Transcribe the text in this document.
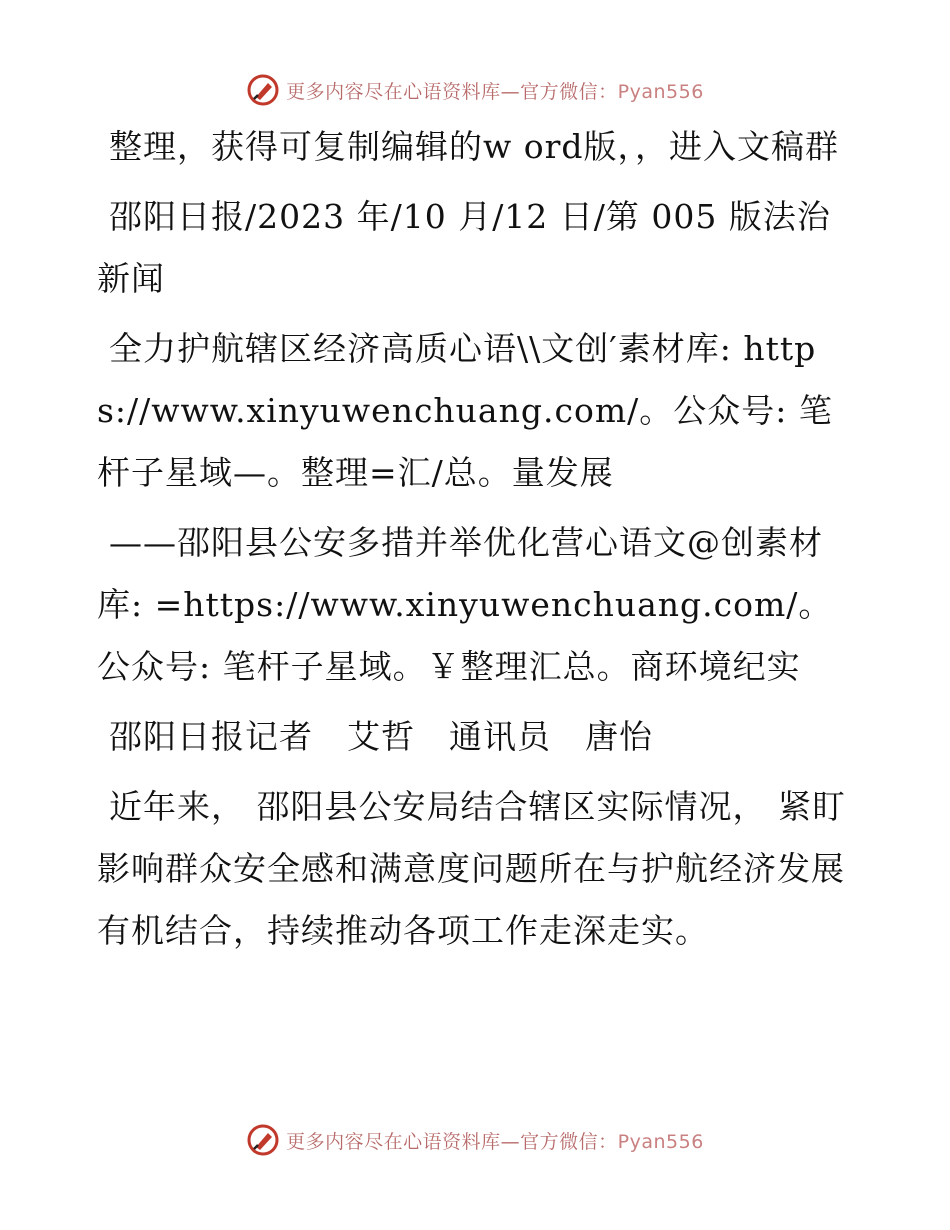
更多内容尽在心语资料库—官方微信：Pyan556

整理，获得可复制编辑的w ord版，，进入文稿群

邵阳日报/2023 年/10 月/12 日/第 005 版法治新闻

全力护航辖区经济高质心语\\文创′素材库: https://www.xinyuwenchuang.com/。公众号: 笔杆子星域—。整理=汇/总。量发展

——邵阳县公安多措并举优化营心语文@创素材库: =https://www.xinyuwenchuang.com/。公众号: 笔杆子星域。￥整理汇总。商环境纪实

邵阳日报记者　艾哲　通讯员　唐怡

近年来， 邵阳县公安局结合辖区实际情况， 紧盯影响群众安全感和满意度问题所在与护航经济发展有机结合，持续推动各项工作走深走实。

更多内容尽在心语资料库—官方微信：Pyan556
